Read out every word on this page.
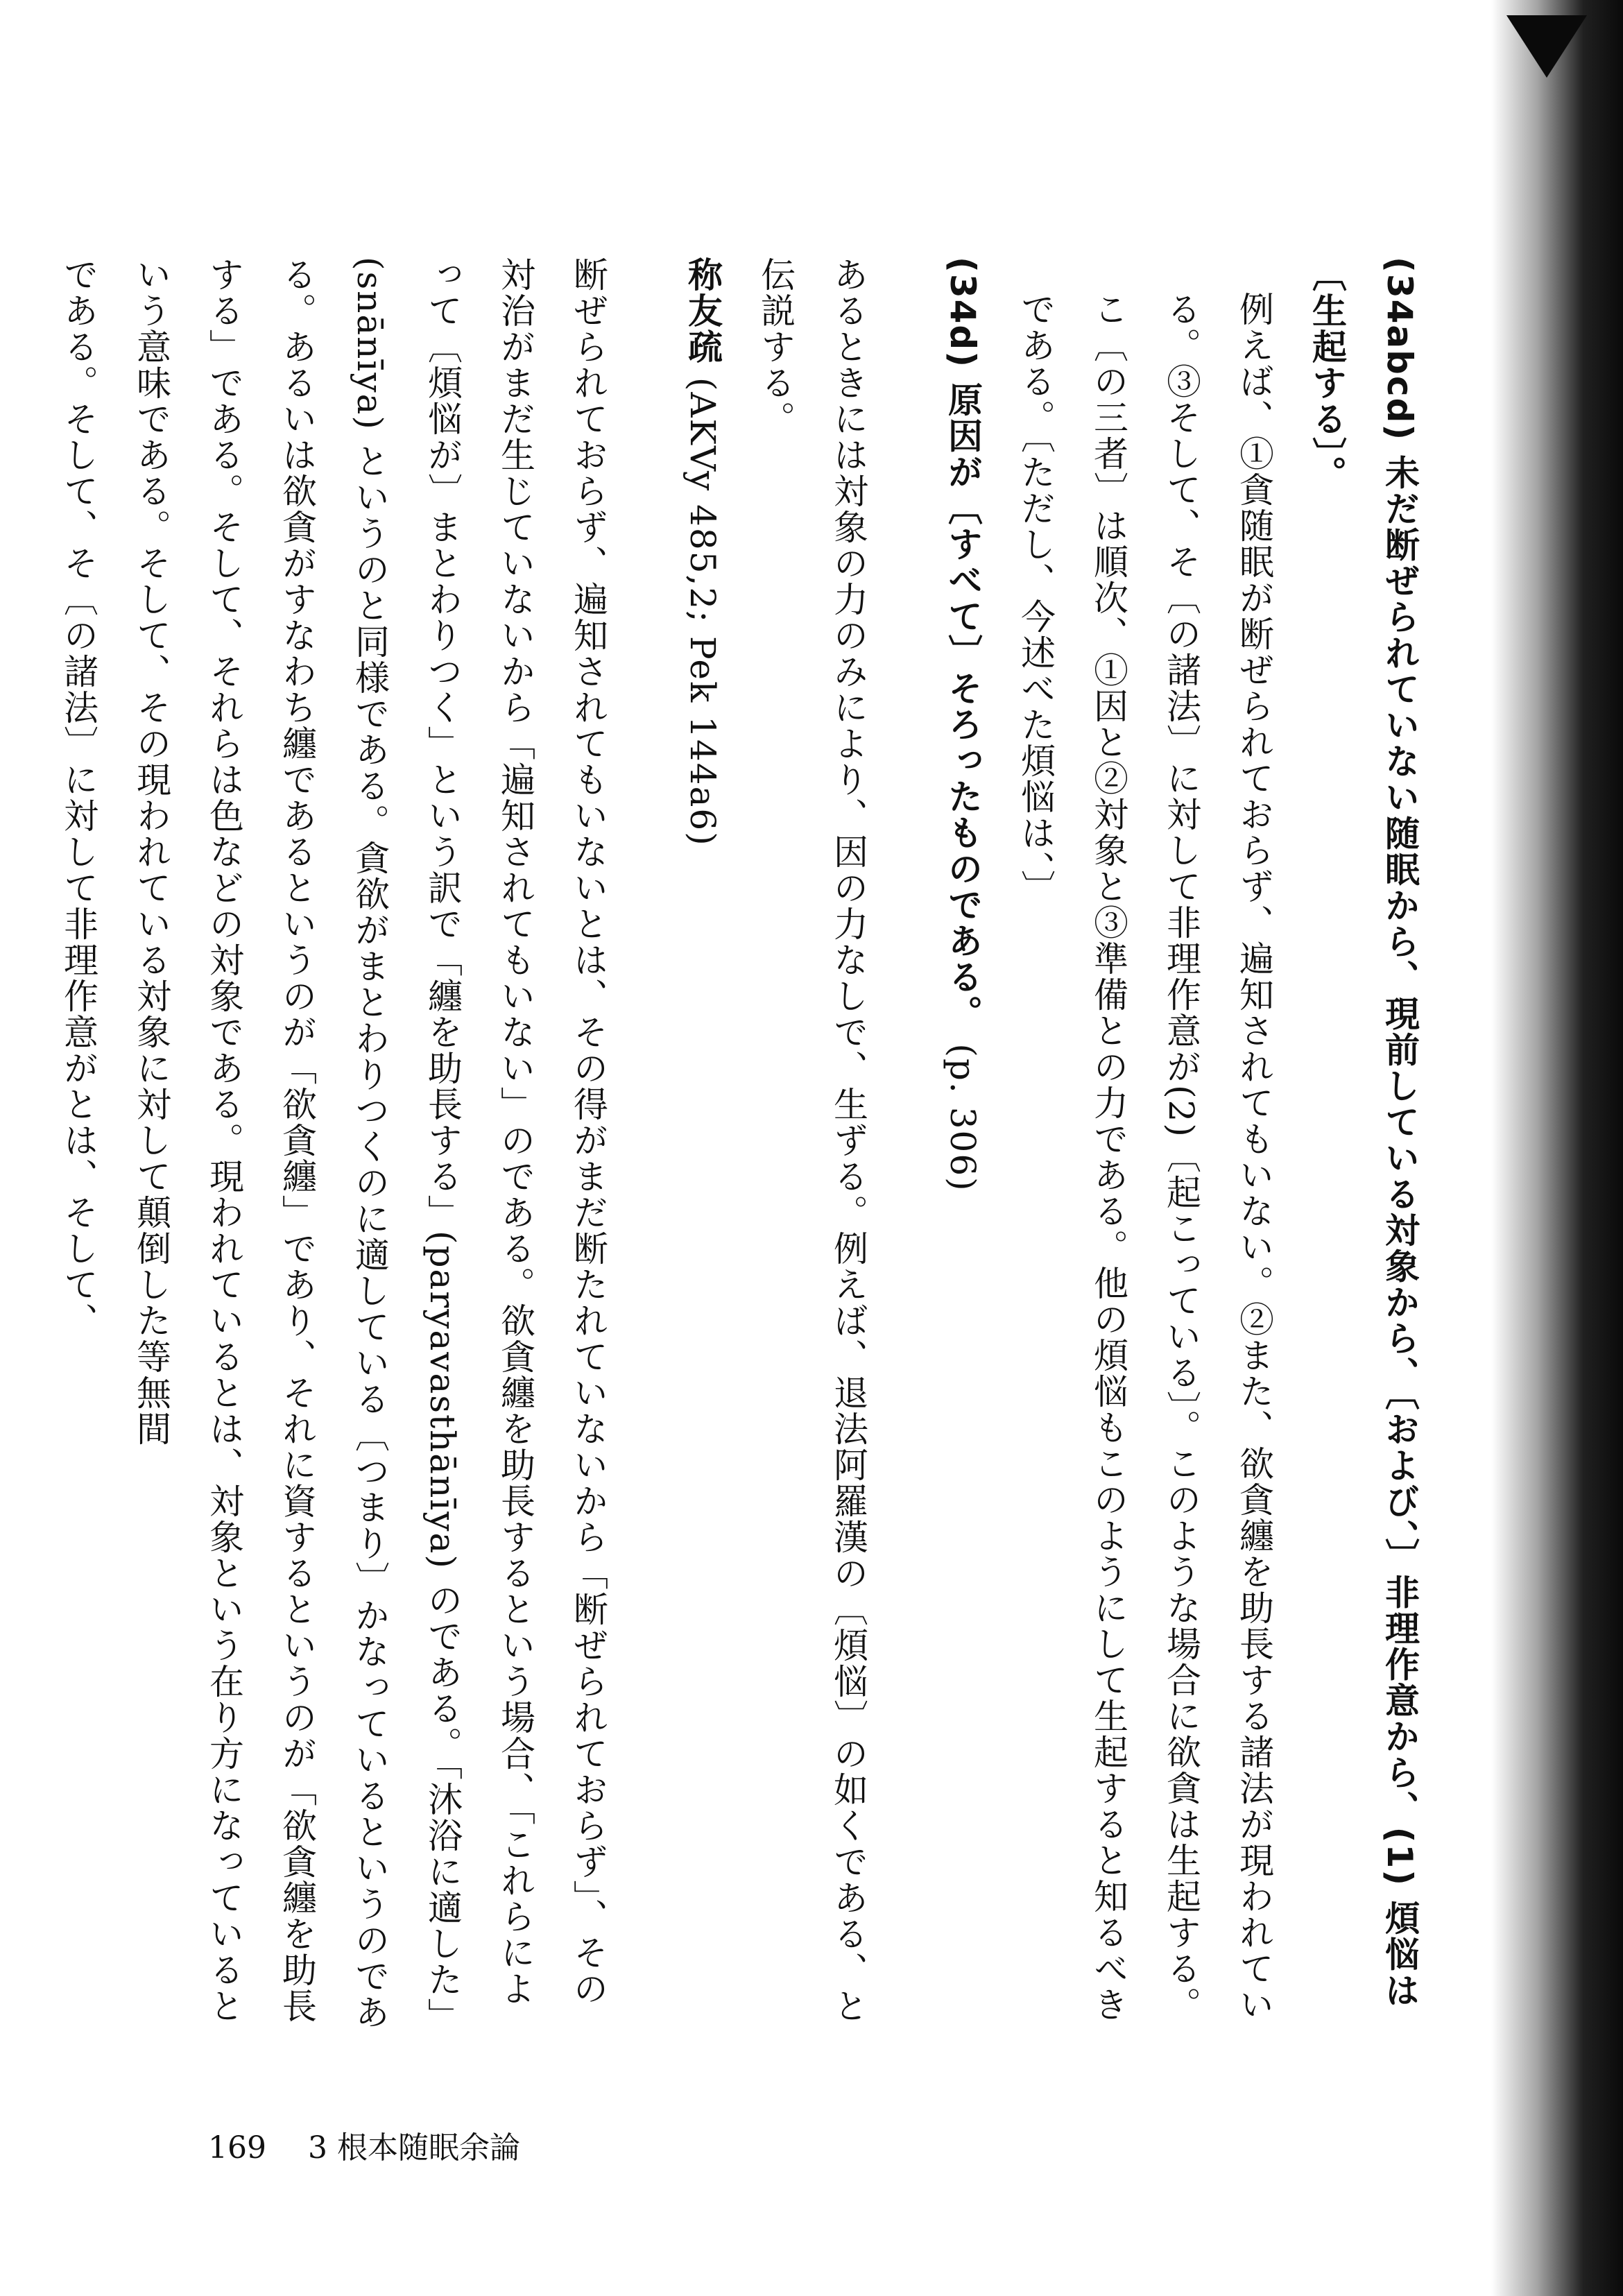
(34abcd) 未だ断ぜられていない随眠から、現前している対象から、〔および、〕非理作意から、(1) 煩悩は〔生起する〕。

例えば、①貪随眠が断ぜられておらず、遍知されてもいない。②また、欲貪纏を助長する諸法が現われている。③そして、そ〔の諸法〕に対して非理作意が(2)〔起こっている〕。このような場合に欲貪は生起する。こ〔の三者〕は順次、①因と②対象と③準備との力である。他の煩悩もこのようにして生起すると知るべきである。〔ただし、今述べた煩悩は、〕

(34d) 原因が〔すべて〕そろったものである。 (p. 306)

あるときには対象の力のみにより、因の力なしで、生ずる。例えば、退法阿羅漢の〔煩悩〕の如くである、と伝説する。

称友疏 (AKVy 485,2; Pek 144a6)

断ぜられておらず、遍知されてもいないとは、その得がまだ断たれていないから「断ぜられておらず」、その対治がまだ生じていないから「遍知されてもいない」のである。欲貪纏を助長するという場合、「これらによって〔煩悩が〕まとわりつく」という訳で「纏を助長する」(paryavasthānīya) のである。「沐浴に適した」(snānīya) というのと同様である。貪欲がまとわりつくのに適している〔つまり〕かなっているというのである。あるいは欲貪がすなわち纏であるというのが「欲貪纏」であり、それに資するというのが「欲貪纏を助長する」である。そして、それらは色などの対象である。現われているとは、対象という在り方になっているという意味である。そして、その現われている対象に対して顛倒した等無間

である。そして、そ〔の諸法〕に対して非理作意がとは、そして、

169 3 根本随眠余論
